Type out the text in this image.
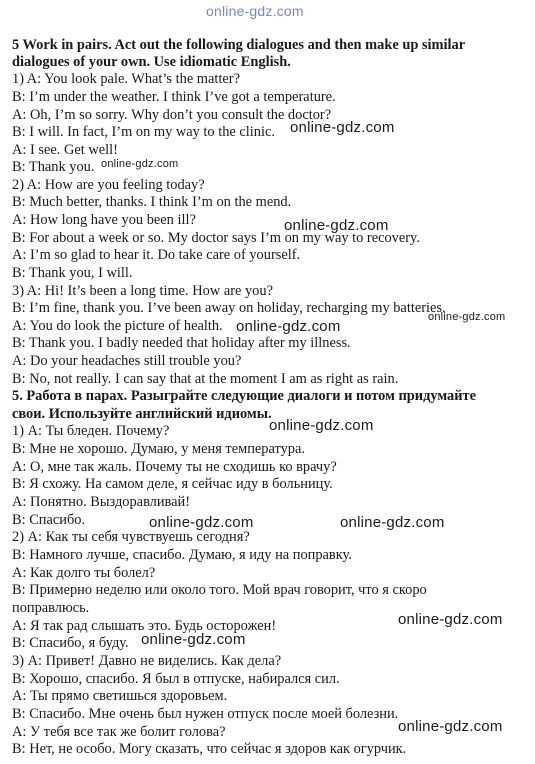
online-gdz.com
5 Work in pairs. Act out the following dialogues and then make up similar
dialogues of your own. Use idiomatic English.
1) A: You look pale. What’s the matter?
B: I’m under the weather. I think I’ve got a temperature.
A: Oh, I’m so sorry. Why don’t you consult the doctor?
B: I will. In fact, I’m on my way to the clinic.
A: I see. Get well!
B: Thank you.
2) A: How are you feeling today?
B: Much better, thanks. I think I’m on the mend.
A: How long have you been ill?
B: For about a week or so. My doctor says I’m on my way to recovery.
A: I’m so glad to hear it. Do take care of yourself.
B: Thank you, I will.
3) A: Hi! It’s been a long time. How are you?
B: I’m fine, thank you. I’ve been away on holiday, recharging my batteries.
A: You do look the picture of health.
B: Thank you. I badly needed that holiday after my illness.
A: Do your headaches still trouble you?
B: No, not really. I can say that at the moment I am as right as rain.
5. Работа в парах. Разыграйте следующие диалоги и потом придумайте
свои. Используйте английский идиомы.
1) А: Ты бледен. Почему?
В: Мне не хорошо. Думаю, у меня температура.
А: О, мне так жаль. Почему ты не сходишь ко врачу?
В: Я схожу. На самом деле, я сейчас иду в больницу.
А: Понятно. Выздоравливай!
В: Спасибо.
2) А: Как ты себя чувствуешь сегодня?
В: Намного лучше, спасибо. Думаю, я иду на поправку.
А: Как долго ты болел?
В: Примерно неделю или около того. Мой врач говорит, что я скоро
поправлюсь.
А: Я так рад слышать это. Будь осторожен!
В: Спасибо, я буду.
3) А: Привет! Давно не виделись. Как дела?
В: Хорошо, спасибо. Я был в отпуске, набирался сил.
А: Ты прямо светишься здоровьем.
В: Спасибо. Мне очень был нужен отпуск после моей болезни.
А: У тебя все так же болит голова?
В: Нет, не особо. Могу сказать, что сейчас я здоров как огурчик.
online-gdz.com
online-gdz.com
online-gdz.com
online-gdz.com
online-gdz.com
online-gdz.com
online-gdz.com	online-gdz.com
online-gdz.com
online-gdz.com
online-gdz.com
